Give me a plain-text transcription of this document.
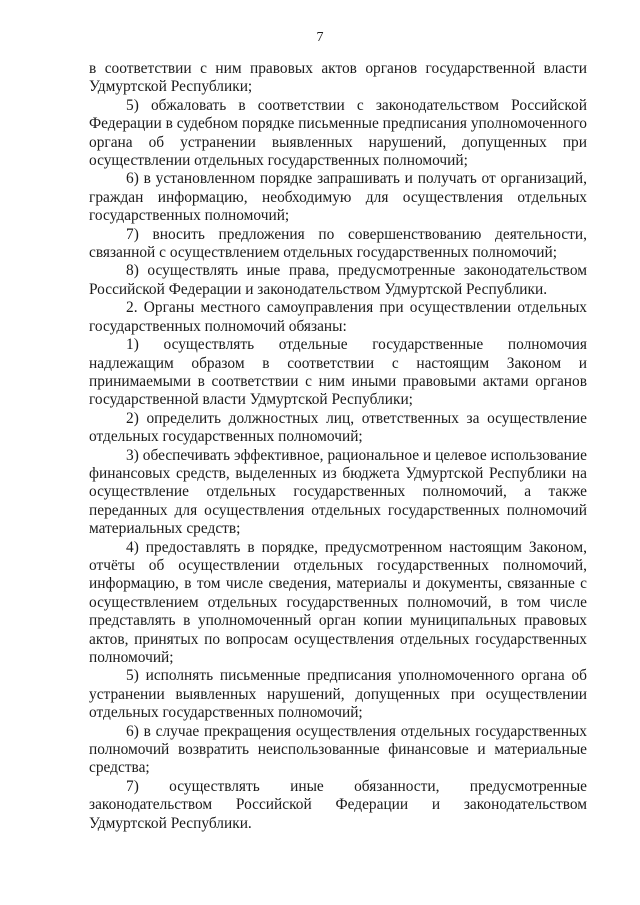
7

в соответствии с ним правовых актов органов государственной власти Удмуртской Республики;

5) обжаловать в соответствии с законодательством Российской Федерации в судебном порядке письменные предписания уполномоченного органа об устранении выявленных нарушений, допущенных при осуществлении отдельных государственных полномочий;

6) в установленном порядке запрашивать и получать от организаций, граждан информацию, необходимую для осуществления отдельных государственных полномочий;

7) вносить предложения по совершенствованию деятельности, связанной с осуществлением отдельных государственных полномочий;

8) осуществлять иные права, предусмотренные законодательством Российской Федерации и законодательством Удмуртской Республики.

2. Органы местного самоуправления при осуществлении отдельных государственных полномочий обязаны:

1) осуществлять отдельные государственные полномочия надлежащим образом в соответствии с настоящим Законом и принимаемыми в соответствии с ним иными правовыми актами органов государственной власти Удмуртской Республики;

2) определить должностных лиц, ответственных за осуществление отдельных государственных полномочий;

3) обеспечивать эффективное, рациональное и целевое использование финансовых средств, выделенных из бюджета Удмуртской Республики на осуществление отдельных государственных полномочий, а также переданных для осуществления отдельных государственных полномочий материальных средств;

4) предоставлять в порядке, предусмотренном настоящим Законом, отчёты об осуществлении отдельных государственных полномочий, информацию, в том числе сведения, материалы и документы, связанные с осуществлением отдельных государственных полномочий, в том числе представлять в уполномоченный орган копии муниципальных правовых актов, принятых по вопросам осуществления отдельных государственных полномочий;

5) исполнять письменные предписания уполномоченного органа об устранении выявленных нарушений, допущенных при осуществлении отдельных государственных полномочий;

6) в случае прекращения осуществления отдельных государственных полномочий возвратить неиспользованные финансовые и материальные средства;

7) осуществлять иные обязанности, предусмотренные законодательством Российской Федерации и законодательством Удмуртской Республики.
